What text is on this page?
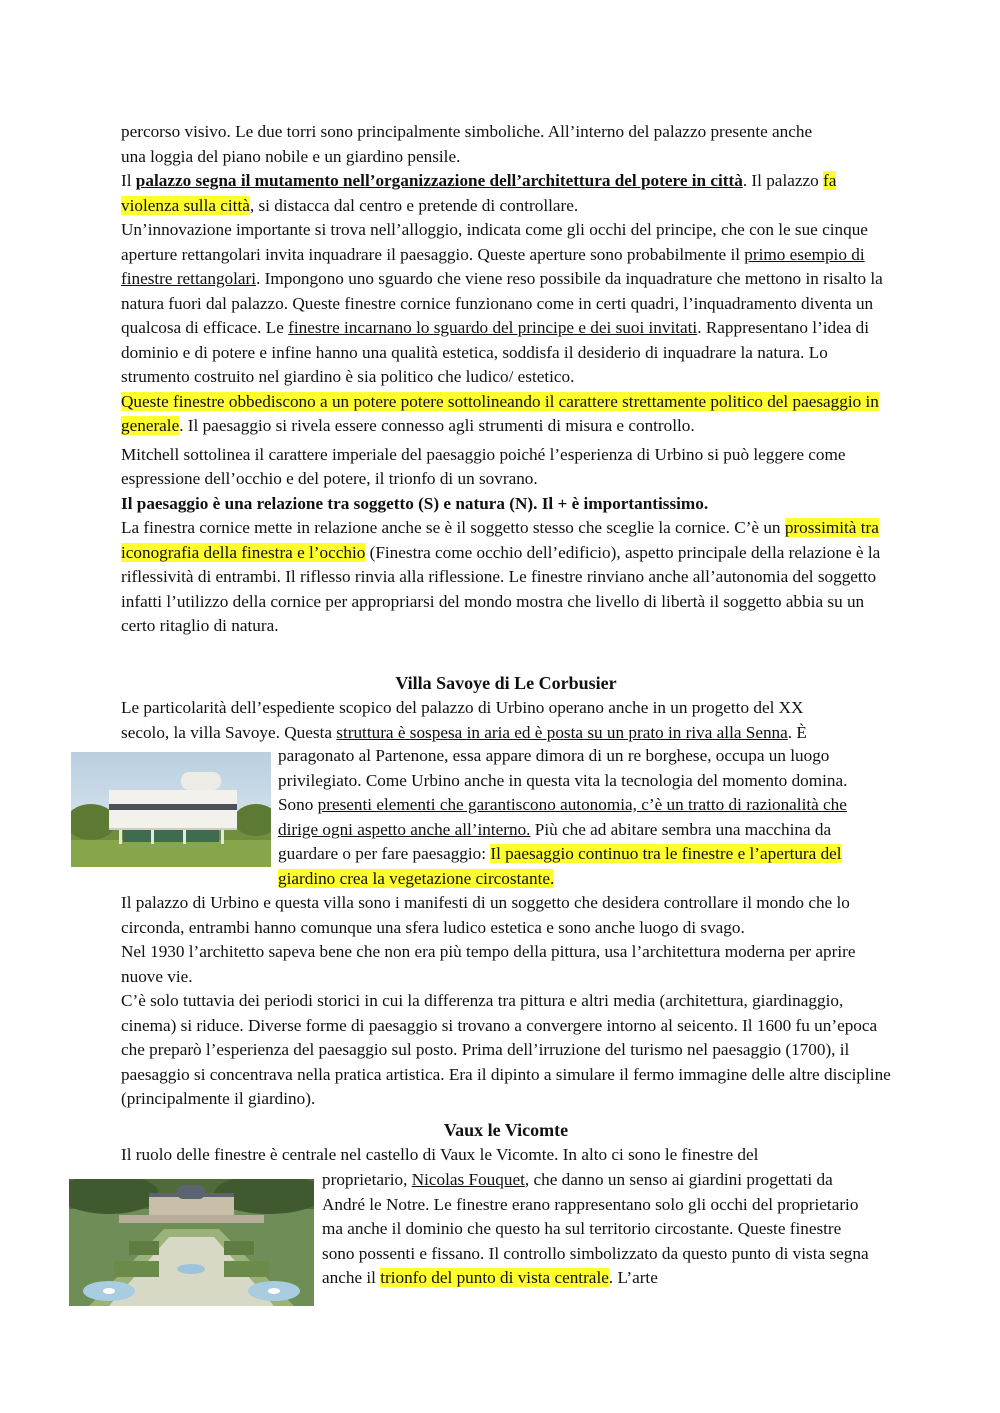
percorso visivo. Le due torri sono principalmente simboliche. All’interno del palazzo presente anche
una loggia del piano nobile e un giardino pensile.

Il palazzo segna il mutamento nell’organizzazione dell’architettura del potere in città. Il palazzo fa violenza sulla città, si distacca dal centro e pretende di controllare.

Un’innovazione importante si trova nell’alloggio, indicata come gli occhi del principe, che con le sue cinque aperture rettangolari invita inquadrare il paesaggio. Queste aperture sono probabilmente il primo esempio di finestre rettangolari. Impongono uno sguardo che viene reso possibile da inquadrature che mettono in risalto la natura fuori dal palazzo. Queste finestre cornice funzionano come in certi quadri, l’inquadramento diventa un qualcosa di efficace. Le finestre incarnano lo sguardo del principe e dei suoi invitati. Rappresentano l’idea di dominio e di potere e infine hanno una qualità estetica, soddisfa il desiderio di inquadrare la natura. Lo strumento costruito nel giardino è sia politico che ludico/ estetico.

Queste finestre obbediscono a un potere potere sottolineando il carattere strettamente politico del paesaggio in generale. Il paesaggio si rivela essere connesso agli strumenti di misura e controllo.

Mitchell sottolinea il carattere imperiale del paesaggio poiché l’esperienza di Urbino si può leggere come espressione dell’occhio e del potere, il trionfo di un sovrano.

Il paesaggio è una relazione tra soggetto (S) e natura (N). Il + è importantissimo.

La finestra cornice mette in relazione anche se è il soggetto stesso che sceglie la cornice. C’è un prossimità tra iconografia della finestra e l’occhio (Finestra come occhio dell’edificio), aspetto principale della relazione è la riflessività di entrambi. Il riflesso rinvia alla riflessione. Le finestre rinviano anche all’autonomia del soggetto infatti l’utilizzo della cornice per appropriarsi del mondo mostra che livello di libertà il soggetto abbia su un certo ritaglio di natura.

Villa Savoye di Le Corbusier

Le particolarità dell’espediente scopico del palazzo di Urbino operano anche in un progetto del XX
secolo, la villa Savoye. Questa struttura è sospesa in aria ed è posta su un prato in riva alla Senna. È

paragonato al Partenone, essa appare dimora di un re borghese, occupa un luogo privilegiato. Come Urbino anche in questa vita la tecnologia del momento domina. Sono presenti elementi che garantiscono autonomia, c’è un tratto di razionalità che dirige ogni aspetto anche all’interno. Più che ad abitare sembra una macchina da guardare o per fare paesaggio: Il paesaggio continuo tra le finestre e l’apertura del giardino crea la vegetazione circostante.

Il palazzo di Urbino e questa villa sono i manifesti di un soggetto che desidera controllare il mondo che lo circonda, entrambi hanno comunque una sfera ludico estetica e sono anche luogo di svago.

Nel 1930 l’architetto sapeva bene che non era più tempo della pittura, usa l’architettura moderna per aprire nuove vie.

C’è solo tuttavia dei periodi storici in cui la differenza tra pittura e altri media (architettura, giardinaggio, cinema) si riduce. Diverse forme di paesaggio si trovano a convergere intorno al seicento. Il 1600 fu un’epoca che preparò l’esperienza del paesaggio sul posto. Prima dell’irruzione del turismo nel paesaggio (1700), il paesaggio si concentrava nella pratica artistica. Era il dipinto a simulare il fermo immagine delle altre discipline (principalmente il giardino).

Vaux le Vicomte

Il ruolo delle finestre è centrale nel castello di Vaux le Vicomte. In alto ci sono le finestre del

proprietario, Nicolas Fouquet, che danno un senso ai giardini progettati da André le Notre. Le finestre erano rappresentano solo gli occhi del proprietario ma anche il dominio che questo ha sul territorio circostante. Queste finestre sono possenti e fissano. Il controllo simbolizzato da questo punto di vista segna anche il trionfo del punto di vista centrale. L’arte
